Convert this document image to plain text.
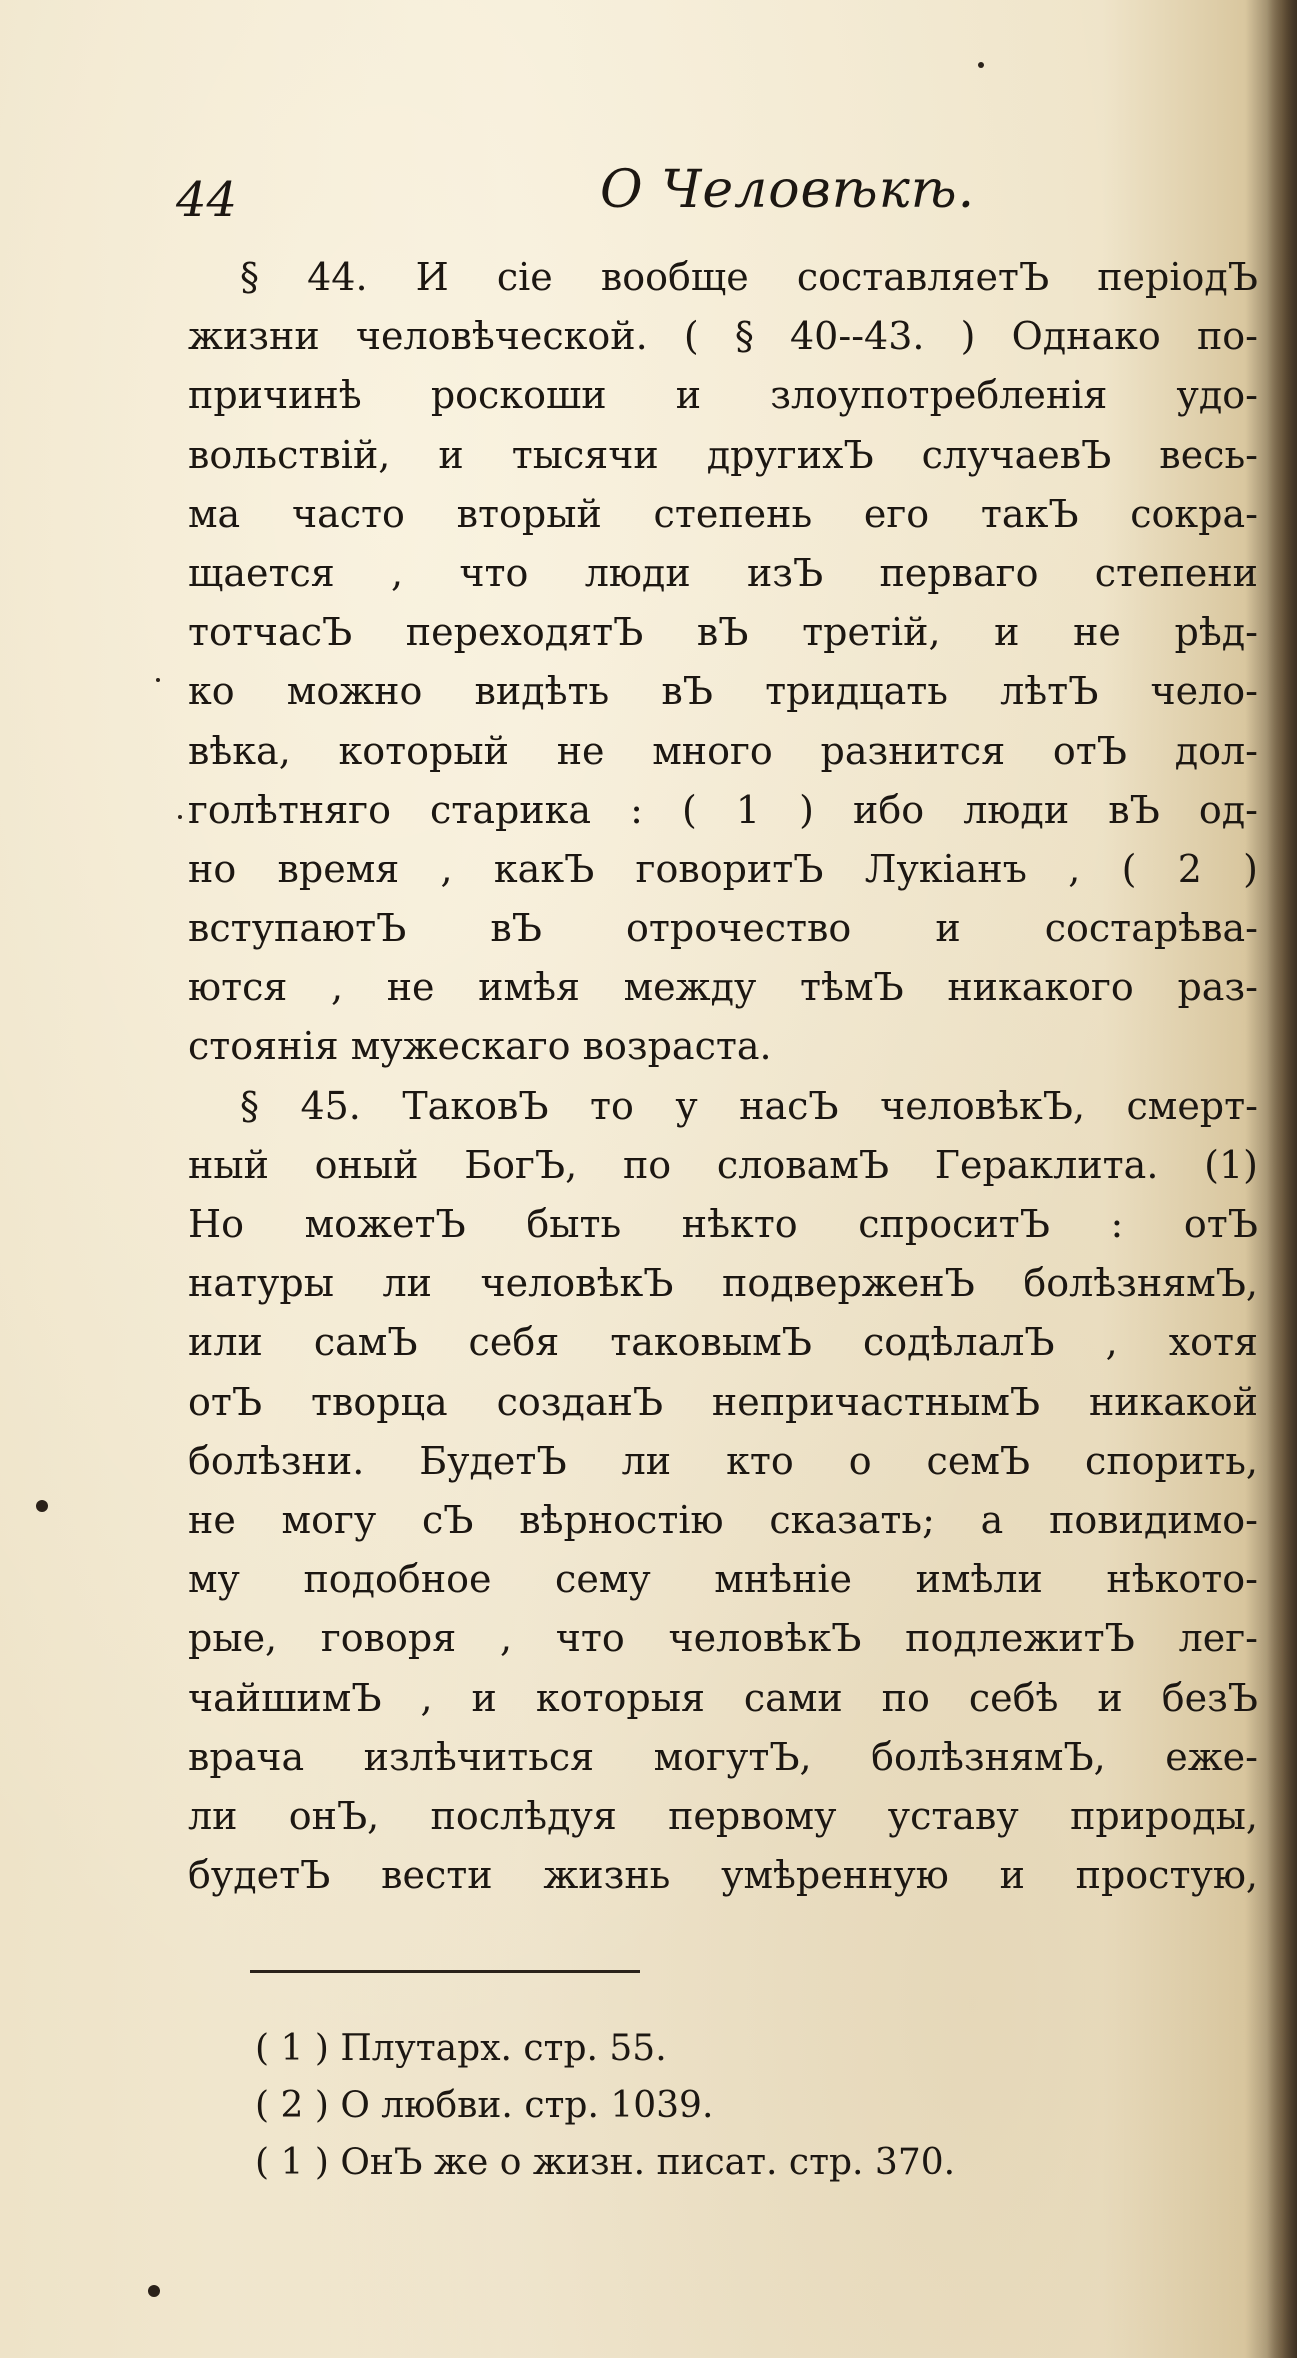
44	О Человѣкѣ.
§ 44. И сіе вообще составляетЪ періодЪ
жизни человѣческой. ( § 40--43. ) Однако по-
причинѣ роскоши и злоупотребленія удо-
вольствій, и тысячи другихЪ случаевЪ весь-
ма часто вторый степень его такЪ сокра-
щается , что люди изЪ перваго степени
тотчасЪ переходятЪ вЪ третій, и не рѣд-
ко можно видѣть вЪ тридцать лѣтЪ чело-
вѣка, который не много разнится отЪ дол-
голѣтняго старика : ( 1 ) ибо люди вЪ од-
но время , какЪ говоритЪ Лукіанъ , ( 2 )
вступаютЪ вЪ отрочество и состарѣва-
ются , не имѣя между тѣмЪ никакого раз-
стоянія мужескаго возраста.
§ 45. ТаковЪ то у насЪ человѣкЪ, смерт-
ный оный БогЪ, по словамЪ Гераклита. (1)
Но можетЪ быть нѣкто спроситЪ : отЪ
натуры ли человѣкЪ подверженЪ болѣзнямЪ,
или самЪ себя таковымЪ содѣлалЪ , хотя
отЪ творца созданЪ непричастнымЪ никакой
болѣзни. БудетЪ ли кто о семЪ спорить,
не могу сЪ вѣрностію сказать; а повидимо-
му подобное сему мнѣніе имѣли нѣкото-
рые, говоря , что человѣкЪ подлежитЪ лег-
чайшимЪ , и которыя сами по себѣ и безЪ
врача излѣчиться могутЪ, болѣзнямЪ, еже-
ли онЪ, послѣдуя первому уставу природы,
будетЪ вести жизнь умѣренную и простую,
( 1 ) Плутарх. стр. 55.
( 2 ) О любви. стр. 1039.
( 1 ) ОнЪ же о жизн. писат. стр. 370.
